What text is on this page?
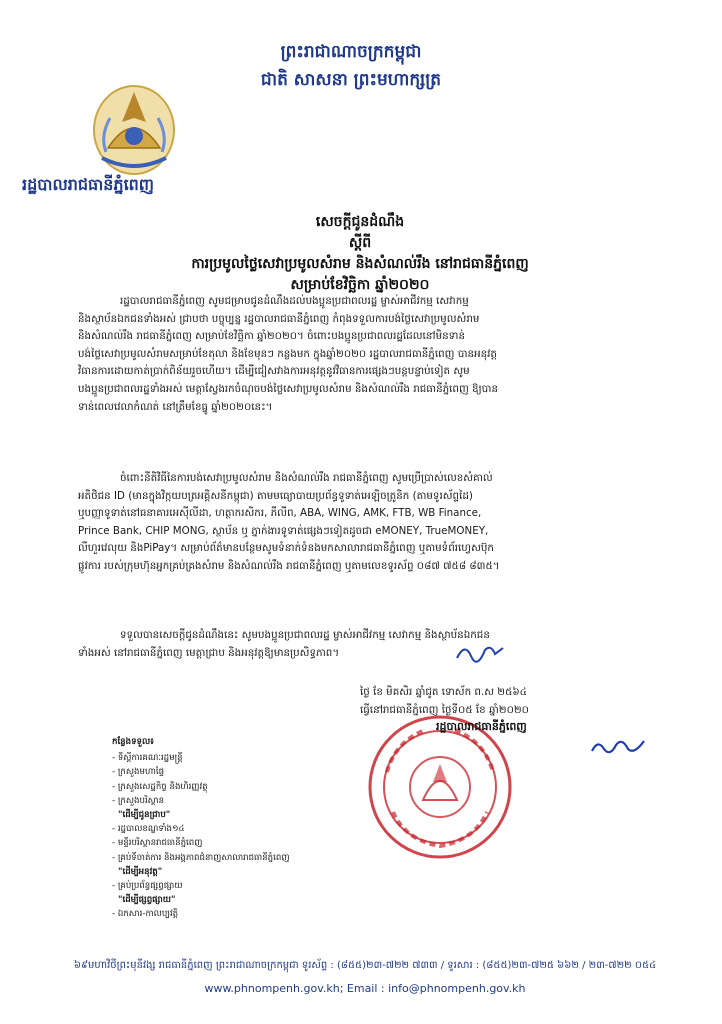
ព្រះរាជាណាចក្រកម្ពុជា
ជាតិ សាសនា ព្រះមហាក្សត្រ
រដ្ឋបាលរាជធានីភ្នំពេញ
សេចក្តីជូនដំណឹង
ស្តីពី
ការប្រមូលថ្លៃសេវាប្រមូលសំរាម និងសំណល់រឹង នៅរាជធានីភ្នំពេញ
សម្រាប់ខែវិច្ឆិកា ឆ្នាំ២០២០
រដ្ឋបាលរាជធានីភ្នំពេញ សូមជម្រាបជូនដំណឹងដល់បងប្អូនប្រជាពលរដ្ឋ ម្ចាស់អាជីវកម្ម សេវាកម្ម
និងស្ថាប័នឯកជនទាំងអស់ ជ្រាបថា បច្ចុប្បន្ន រដ្ឋបាលរាជធានីភ្នំពេញ កំពុងទទួលការបង់ថ្លៃសេវាប្រមូលសំរាម
និងសំណល់រឹង រាជធានីភ្នំពេញ សម្រាប់ខែវិច្ឆិកា ឆ្នាំ២០២០។ ចំពោះបងប្អូនប្រជាពលរដ្ឋដែលនៅមិនទាន់
បង់ថ្លៃសេវាប្រមូលសំរាមសម្រាប់ខែតុលា និងខែមុនៗ កន្លងមក ក្នុងឆ្នាំ២០២០ រដ្ឋបាលរាជធានីភ្នំពេញ បានអនុវត្ត
វិធានការដោយកាត់ប្រាក់ពិន័យរួចហើយ។ ដើម្បីជៀសវាងការអនុវត្តនូវវិធានការផ្សេងៗបន្តបន្ទាប់ទៀត សូម
បងប្អូនប្រជាពលរដ្ឋទាំងអស់ មេត្តាស្វែងរកចំណុចបង់ថ្លៃសេវាប្រមូលសំរាម និងសំណល់រឹង រាជធានីភ្នំពេញ ឱ្យបាន
ទាន់ពេលវេលាកំណត់ នៅត្រឹមខែធ្នូ ឆ្នាំ២០២០នេះ។
ចំពោះនីតិវិធីនៃការបង់សេវាប្រមូលសំរាម និងសំណល់រឹង រាជធានីភ្នំពេញ សូមប្រើប្រាស់លេខសំគាល់
អតិថិជន ID (មានក្នុងវិក្កយបត្រអគ្គិសនីកម្ពុជា) តាមមធ្យោបាយប្រព័ន្ធទូទាត់អេឡិចត្រូនិក (តាមទូរស័ព្ទដៃ)
ឬបញ្ញាទូទាត់នៅធនាគារអេស៊ីលីដា, ហត្ថាករសិករ, ភីលីព, ABA, WING, AMK, FTB, WB Finance,
Prince Bank, CHIP MONG, ស្ថាប័ន ឬ ភ្នាក់ងារទូទាត់ផ្សេងៗទៀតដូចជា eMONEY, TrueMONEY,
លីហួរវេលុយ និងPiPay។ សម្រាប់ព័ត៌មានបន្ថែមសូមទំនាក់ទំនងមកសាលារាជធានីភ្នំពេញ ឬតាមទំព័រហ្វេសប៊ុក
ផ្លូវការ របស់ក្រុមហ៊ុនអ្នកគ្រប់គ្រងសំរាម និងសំណល់រឹង រាជធានីភ្នំពេញ ឬតាមលេខទូរស័ព្ទ ០៨៧ ៧៥៨ ៨៣៥។
ទទួលបានសេចក្តីជូនដំណឹងនេះ សូមបងប្អូនប្រជាពលរដ្ឋ ម្ចាស់អាជីវកម្ម សេវាកម្ម និងស្ថាប័នឯកជន
ទាំងអស់ នៅរាជធានីភ្នំពេញ មេត្តាជ្រាប និងអនុវត្តឱ្យមានប្រសិទ្ធភាព។
ថ្ងៃ ខែ មិគសិរ ឆ្នាំជូត ទោស័ក ព.ស ២៥៦៤
ធ្វើនៅរាជធានីភ្នំពេញ ថ្ងៃទី០៥ ខែ ឆ្នាំ២០២០
រដ្ឋបាលរាជធានីភ្នំពេញ
កន្លែងទទួល៖
- ទីស្តីការគណៈរដ្ឋមន្ត្រី
- ក្រសួងមហាផ្ទៃ
- ក្រសួងសេដ្ឋកិច្ច និងហិរញ្ញវត្ថុ
- ក្រសួងបរិស្ថាន
"ដើម្បីជូនជ្រាប"
- រដ្ឋបាលខណ្ឌទាំង១៤
- មន្ទីរបរិស្ថានរាជធានីភ្នំពេញ
- គ្រប់ទីចាត់ការ និងអង្គភាពជំនាញសាលារាជធានីភ្នំពេញ
"ដើម្បីអនុវត្ត"
- គ្រប់ប្រព័ន្ធផ្សព្វផ្សាយ
"ដើម្បីផ្សព្វផ្សាយ"
- ឯកសារ-កាលប្បវត្តិ
៦៩មហាវិថីព្រះមុនីវង្ស រាជធានីភ្នំពេញ ព្រះរាជាណាចក្រកម្ពុជា ទូរស័ព្ទ : (៨៥៥)២៣-៧២២ ៧៣៣ / ទូរសារ : (៨៥៥)២៣-៧២៥ ៦៦២ / ២៣-៧២២ ០៥៤
www.phnompenh.gov.kh; Email : info@phnompenh.gov.kh
